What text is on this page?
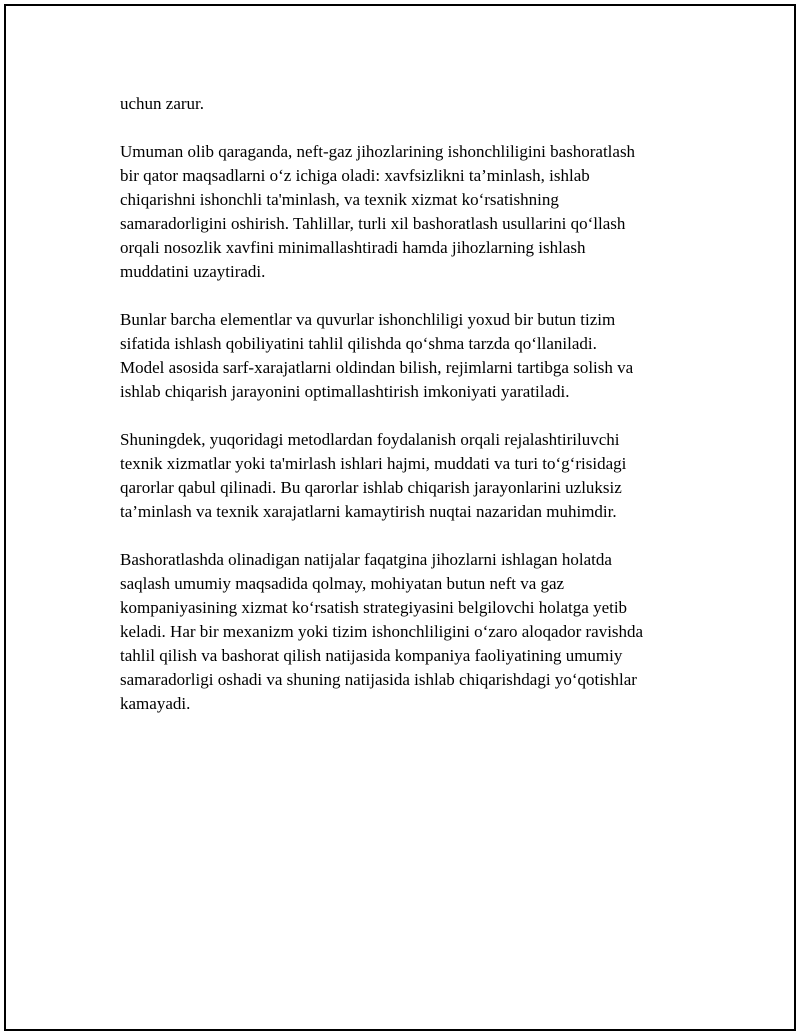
uchun zarur.

Umuman olib qaraganda, neft-gaz jihozlarining ishonchliligini bashoratlash
bir qator maqsadlarni o‘z ichiga oladi: xavfsizlikni ta’minlash, ishlab
chiqarishni ishonchli ta'minlash, va texnik xizmat ko‘rsatishning
samaradorligini oshirish. Tahlillar, turli xil bashoratlash usullarini qo‘llash
orqali nosozlik xavfini minimallashtiradi hamda jihozlarning ishlash
muddatini uzaytiradi.

Bunlar barcha elementlar va quvurlar ishonchliligi yoxud bir butun tizim
sifatida ishlash qobiliyatini tahlil qilishda qo‘shma tarzda qo‘llaniladi.
Model asosida sarf-xarajatlarni oldindan bilish, rejimlarni tartibga solish va
ishlab chiqarish jarayonini optimallashtirish imkoniyati yaratiladi.

Shuningdek, yuqoridagi metodlardan foydalanish orqali rejalashtiriluvchi
texnik xizmatlar yoki ta'mirlash ishlari hajmi, muddati va turi to‘g‘risidagi
qarorlar qabul qilinadi. Bu qarorlar ishlab chiqarish jarayonlarini uzluksiz
ta’minlash va texnik xarajatlarni kamaytirish nuqtai nazaridan muhimdir.

Bashoratlashda olinadigan natijalar faqatgina jihozlarni ishlagan holatda
saqlash umumiy maqsadida qolmay, mohiyatan butun neft va gaz
kompaniyasining xizmat ko‘rsatish strategiyasini belgilovchi holatga yetib
keladi. Har bir mexanizm yoki tizim ishonchliligini o‘zaro aloqador ravishda
tahlil qilish va bashorat qilish natijasida kompaniya faoliyatining umumiy
samaradorligi oshadi va shuning natijasida ishlab chiqarishdagi yo‘qotishlar
kamayadi.
